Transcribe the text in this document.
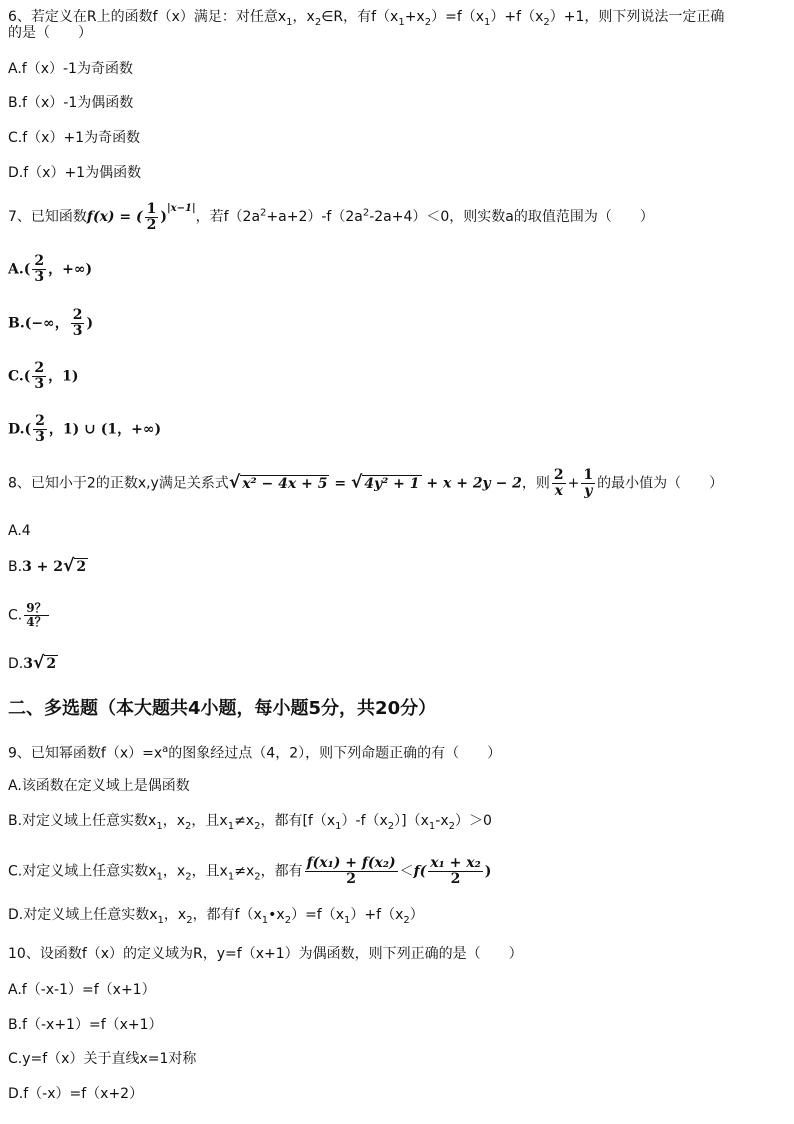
6、若定义在R上的函数f（x）满足：对任意$x_1$，$x_2\in R$，有$f(x_1+x_2)=f(x_1)+f(x_2)+1$，则下列说法一定正确
的是（　　）
A.f（x）-1为奇函数
B.f（x）-1为偶函数
C.f（x）+1为奇函数
D.f（x）+1为偶函数
7、已知函数f(x) = ( $\frac{1}{2} )^{|x-1|}$，若$f(2a^2+a+2)-f(2a^2-2a+4)<0$，则实数a的取值范围为（　　）
$A.( \frac{2}{3}$ ，+∞)
B.(−∞， $\frac{2}{3}$ )
$C.( \frac{2}{3}$ ，1)
$D.( \frac{2}{3}$ ，1) ∪ (1，+∞)
8、已知小于2的正数x,y满足关系式√ x² − 4x + 5 = √ 4y² + 1 + x + 2y − 2，则 $\frac{2}{x} + \frac{1}{y}$ 的最小值为（　　）
A.4
B.3 + 2√ 2
C. $\frac{9?}{4?}$
D.3√ 2
二、多选题（本大题共4小题，每小题5分，共20分）
9、已知幂函数$f(x)=x^a$的图象经过点（4，2），则下列命题正确的有（　　）
A.该函数在定义域上是偶函数
B.对定义域上任意实数$x_1$，$x_2$，且$x_1\ne x_2$，都有$[f(x_1)-f(x_2)](x_1-x_2)>0$
C.对定义域上任意实数$x_1$，$x_2$，且$x_1\ne x_2$，都有 $\frac{\text{f(x₁) + f(x₂)}}{2} <f( \frac{\text{x₁ + x₂}}{2}$ )
D.对定义域上任意实数$x_1$，$x_2$，都有$f(x_1•x_2)=f(x_1)+f(x_2)$
10、设函数f（x）的定义域为R，y=f（x+1）为偶函数，则下列正确的是（　　）
A.f（-x-1）=f（x+1）
B.f（-x+1）=f（x+1）
C.y=f（x）关于直线x=1对称
D.f（-x）=f（x+2）
